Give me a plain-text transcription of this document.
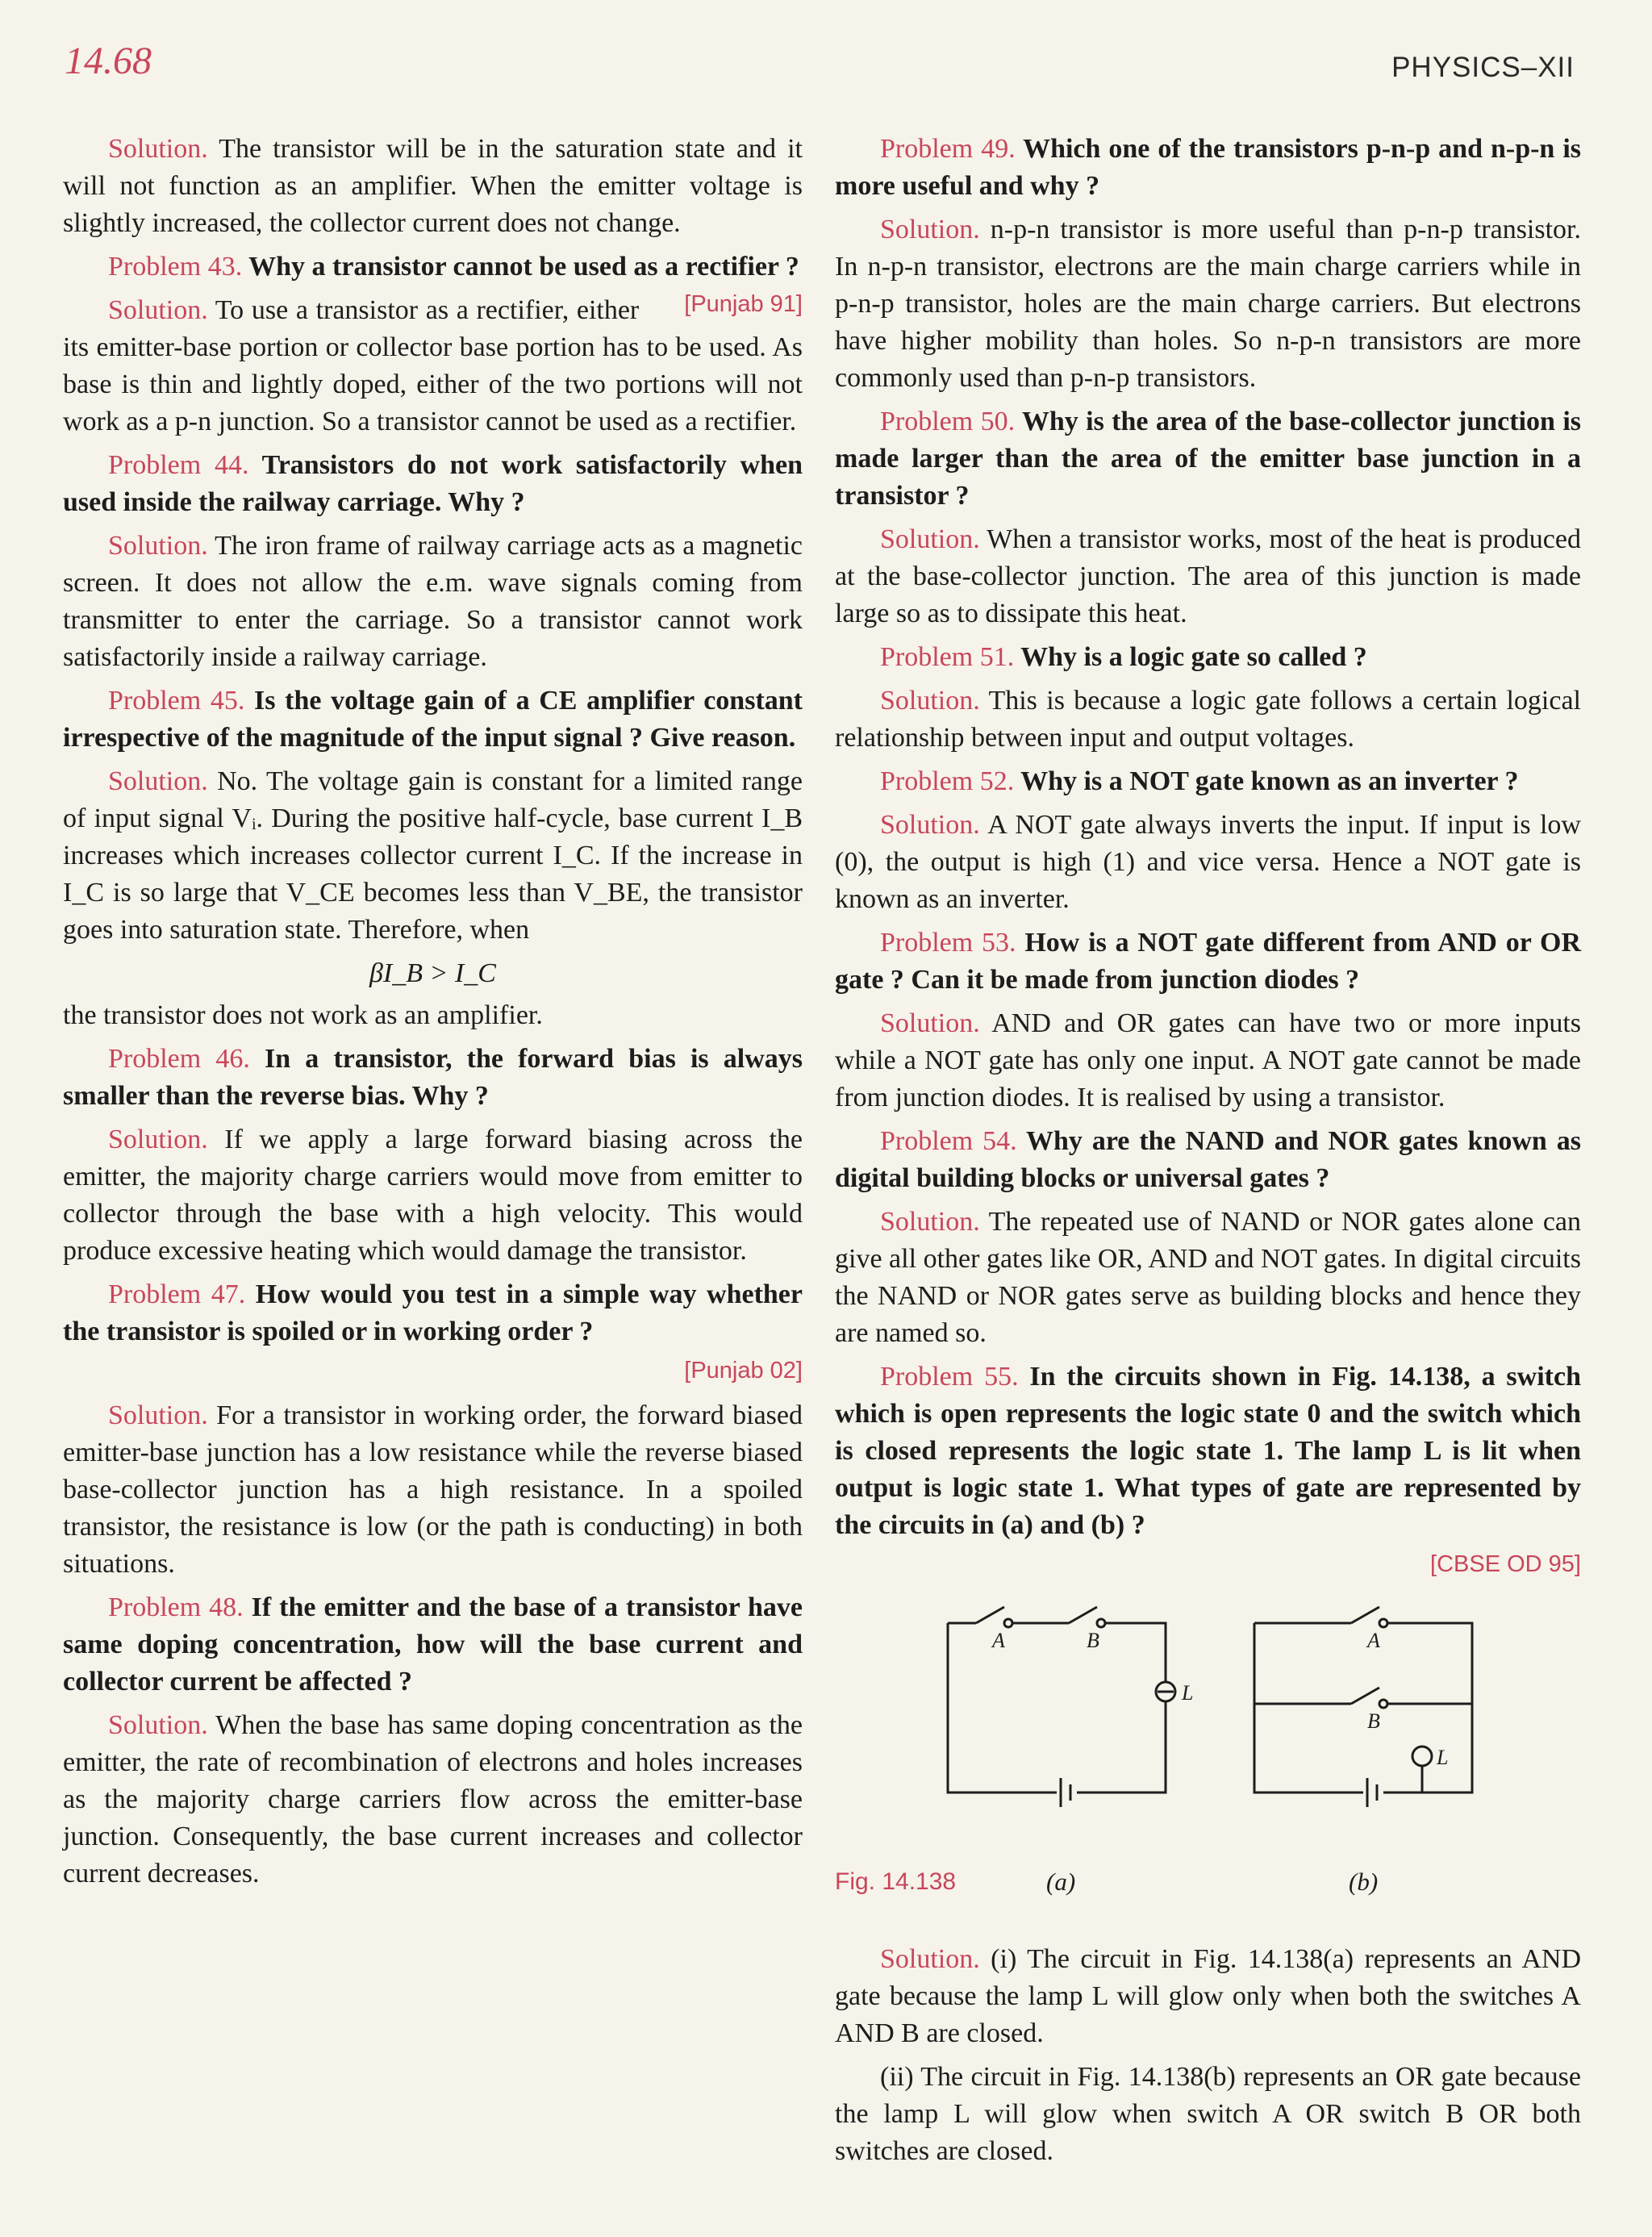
14.68	PHYSICS–XII

Solution. The transistor will be in the saturation state and it will not function as an amplifier. When the emitter voltage is slightly increased, the collector current does not change.

Problem 43. Why a transistor cannot be used as a rectifier ?
[Punjab 91]

Solution. To use a transistor as a rectifier, either its emitter-base portion or collector base portion has to be used. As base is thin and lightly doped, either of the two portions will not work as a p-n junction. So a transistor cannot be used as a rectifier.

Problem 44. Transistors do not work satisfactorily when used inside the railway carriage. Why ?

Solution. The iron frame of railway carriage acts as a magnetic screen. It does not allow the e.m. wave signals coming from transmitter to enter the carriage. So a transistor cannot work satisfactorily inside a railway carriage.

Problem 45. Is the voltage gain of a CE amplifier constant irrespective of the magnitude of the input signal ? Give reason.

Solution. No. The voltage gain is constant for a limited range of input signal Vᵢ. During the positive half-cycle, base current I_B increases which increases collector current I_C. If the increase in I_C is so large that V_CE becomes less than V_BE, the transistor goes into saturation state. Therefore, when

βI_B > I_C

the transistor does not work as an amplifier.

Problem 46. In a transistor, the forward bias is always smaller than the reverse bias. Why ?

Solution. If we apply a large forward biasing across the emitter, the majority charge carriers would move from emitter to collector through the base with a high velocity. This would produce excessive heating which would damage the transistor.

Problem 47. How would you test in a simple way whether the transistor is spoiled or in working order ?

[Punjab 02]

Solution. For a transistor in working order, the forward biased emitter-base junction has a low resistance while the reverse biased base-collector junction has a high resistance. In a spoiled transistor, the resistance is low (or the path is conducting) in both situations.

Problem 48. If the emitter and the base of a transistor have same doping concentration, how will the base current and collector current be affected ?

Solution. When the base has same doping concentration as the emitter, the rate of recombination of electrons and holes increases as the majority charge carriers flow across the emitter-base junction. Consequently, the base current increases and collector current decreases.

Problem 49. Which one of the transistors p-n-p and n-p-n is more useful and why ?

Solution. n-p-n transistor is more useful than p-n-p transistor. In n-p-n transistor, electrons are the main charge carriers while in p-n-p transistor, holes are the main charge carriers. But electrons have higher mobility than holes. So n-p-n transistors are more commonly used than p-n-p transistors.

Problem 50. Why is the area of the base-collector junction is made larger than the area of the emitter base junction in a transistor ?

Solution. When a transistor works, most of the heat is produced at the base-collector junction. The area of this junction is made large so as to dissipate this heat.

Problem 51. Why is a logic gate so called ?

Solution. This is because a logic gate follows a certain logical relationship between input and output voltages.

Problem 52. Why is a NOT gate known as an inverter ?

Solution. A NOT gate always inverts the input. If input is low (0), the output is high (1) and vice versa. Hence a NOT gate is known as an inverter.

Problem 53. How is a NOT gate different from AND or OR gate ? Can it be made from junction diodes ?

Solution. AND and OR gates can have two or more inputs while a NOT gate has only one input. A NOT gate cannot be made from junction diodes. It is realised by using a transistor.

Problem 54. Why are the NAND and NOR gates known as digital building blocks or universal gates ?

Solution. The repeated use of NAND or NOR gates alone can give all other gates like OR, AND and NOT gates. In digital circuits the NAND or NOR gates serve as building blocks and hence they are named so.

Problem 55. In the circuits shown in Fig. 14.138, a switch which is open represents the logic state 0 and the switch which is closed represents the logic state 1. The lamp L is lit when output is logic state 1. What types of gate are represented by the circuits in (a) and (b) ?

[CBSE OD 95]
A	B
L
A
B
L
Fig. 14.138	(a)	(b)

Solution. (i) The circuit in Fig. 14.138(a) represents an AND gate because the lamp L will glow only when both the switches A AND B are closed.

(ii) The circuit in Fig. 14.138(b) represents an OR gate because the lamp L will glow when switch A OR switch B OR both switches are closed.
